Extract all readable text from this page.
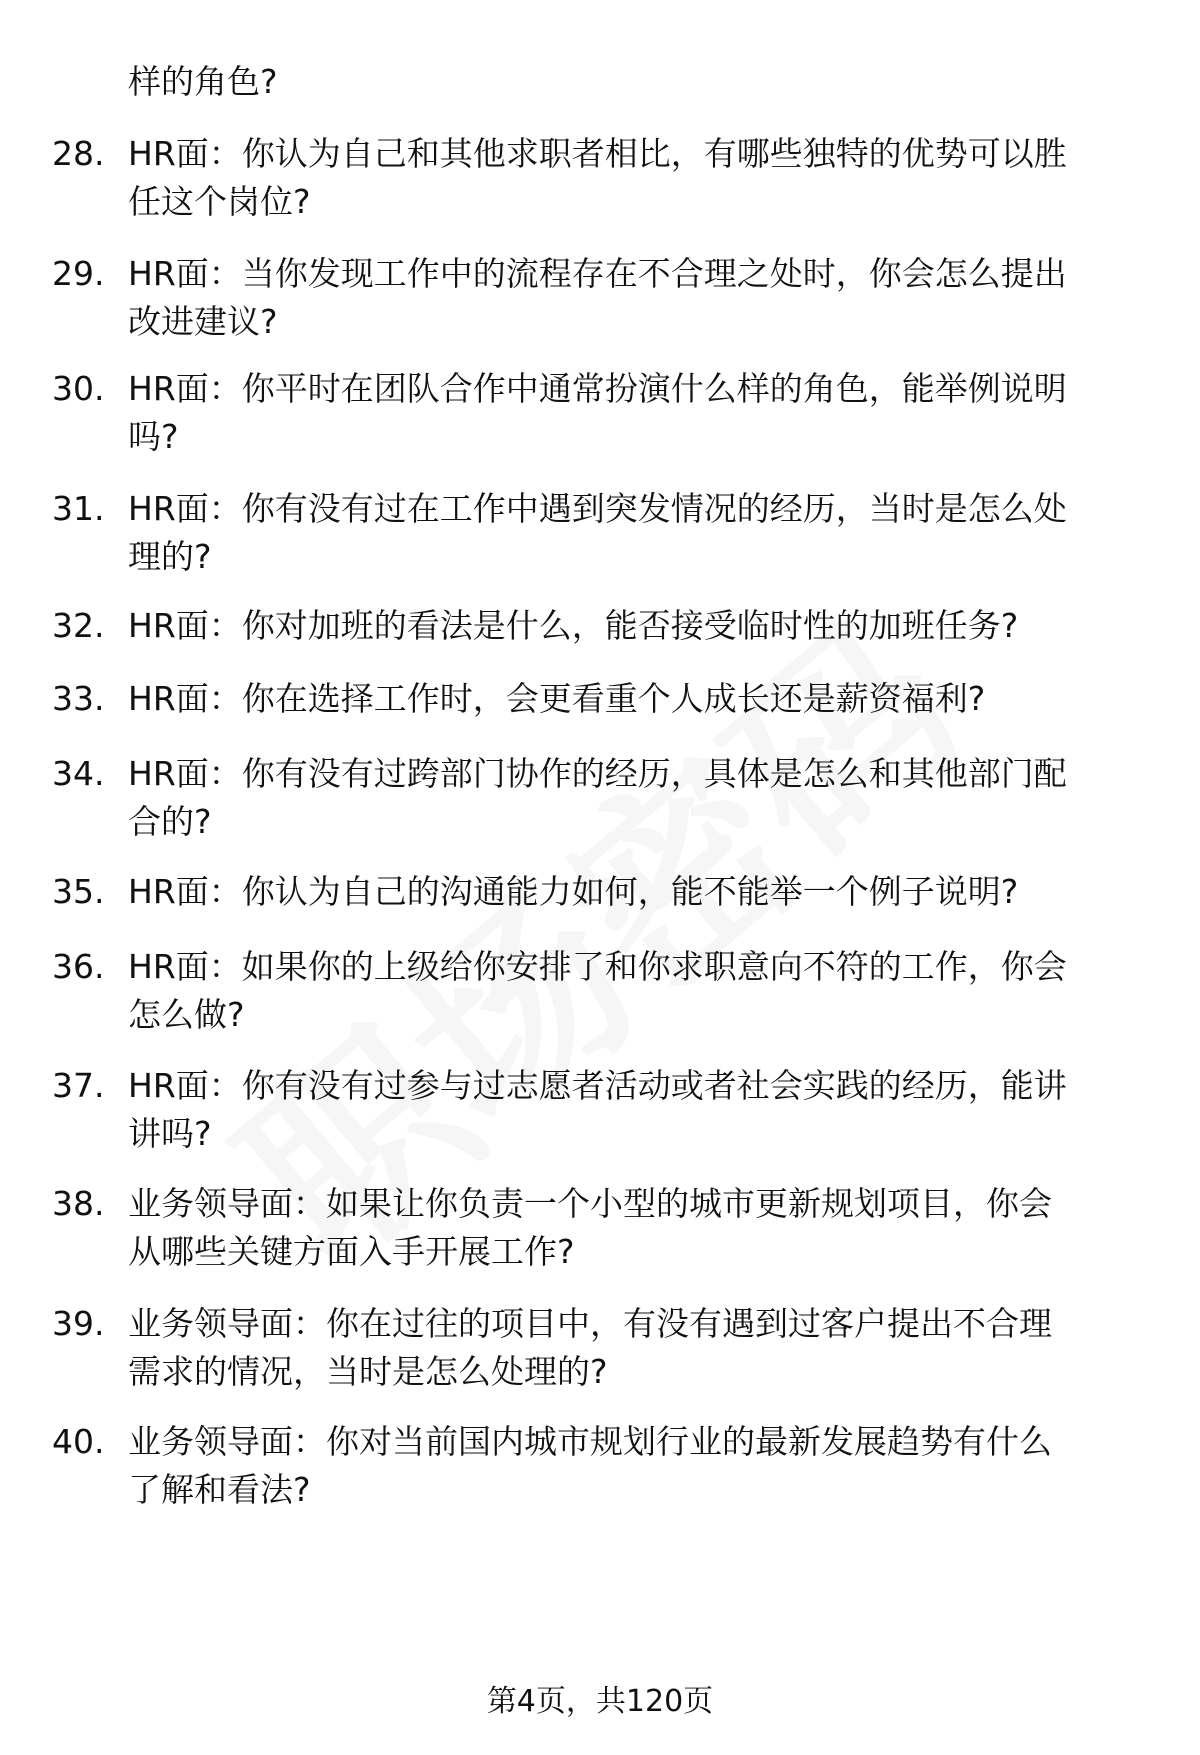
样的角色?
28. HR面：你认为自己和其他求职者相比，有哪些独特的优势可以胜
任这个岗位?
29. HR面：当你发现工作中的流程存在不合理之处时，你会怎么提出
改进建议?
30. HR面：你平时在团队合作中通常扮演什么样的角色，能举例说明
吗?
31. HR面：你有没有过在工作中遇到突发情况的经历，当时是怎么处
理的?
32. HR面：你对加班的看法是什么，能否接受临时性的加班任务?
33. HR面：你在选择工作时，会更看重个人成长还是薪资福利?
34. HR面：你有没有过跨部门协作的经历，具体是怎么和其他部门配
合的?
35. HR面：你认为自己的沟通能力如何，能不能举一个例子说明?
36. HR面：如果你的上级给你安排了和你求职意向不符的工作，你会
怎么做?
37. HR面：你有没有过参与过志愿者活动或者社会实践的经历，能讲
讲吗?
38. 业务领导面：如果让你负责一个小型的城市更新规划项目，你会
从哪些关键方面入手开展工作?
39. 业务领导面：你在过往的项目中，有没有遇到过客户提出不合理
需求的情况，当时是怎么处理的?
40. 业务领导面：你对当前国内城市规划行业的最新发展趋势有什么
了解和看法?
第4页，共120页
